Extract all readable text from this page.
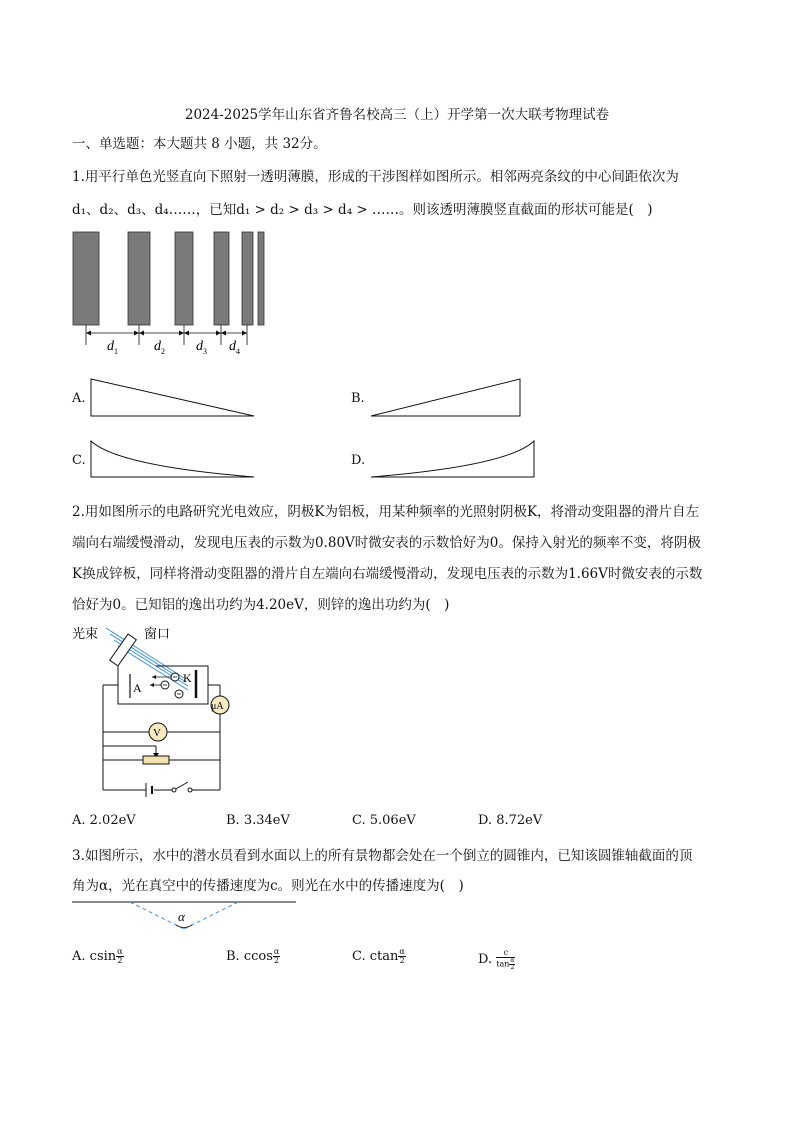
2024-2025学年山东省齐鲁名校高三（上）开学第一次大联考物理试卷
一、单选题：本大题共 8 小题，共 32分。
1.用平行单色光竖直向下照射一透明薄膜，形成的干涉图样如图所示。相邻两亮条纹的中心间距依次为
d₁、d₂、d₃、d₄……，已知d₁ > d₂ > d₃ > d₄ > ……。则该透明薄膜竖直截面的形状可能是(　)
d	d	d d
1	2	3	4
A.	B.
C.	D.
2.用如图所示的电路研究光电效应，阴极K为铝板，用某种频率的光照射阴极K，将滑动变阻器的滑片自左
端向右端缓慢滑动，发现电压表的示数为0.80V时微安表的示数恰好为0。保持入射光的频率不变，将阴极
K换成锌板，同样将滑动变阻器的滑片自左端向右端缓慢滑动，发现电压表的示数为1.66V时微安表的示数
恰好为0。已知铝的逸出功约为4.20eV，则锌的逸出功约为(　)
光束	窗口
A
K
μA
V
A. 2.02eV	B. 3.34eV	C. 5.06eV	D. 8.72eV
3.如图所示，水中的潜水员看到水面以上的所有景物都会处在一个倒立的圆锥内，已知该圆锥轴截面的顶
角为α，光在真空中的传播速度为c。则光在水中的传播速度为(　)
α
A. csin $\frac{\alpha}{2}$	B. ccos $\frac{\alpha}{2}$	C. ctan $\frac{\alpha}{2}$	D. $\frac{c}{\tan \frac{\alpha}{2}}$
